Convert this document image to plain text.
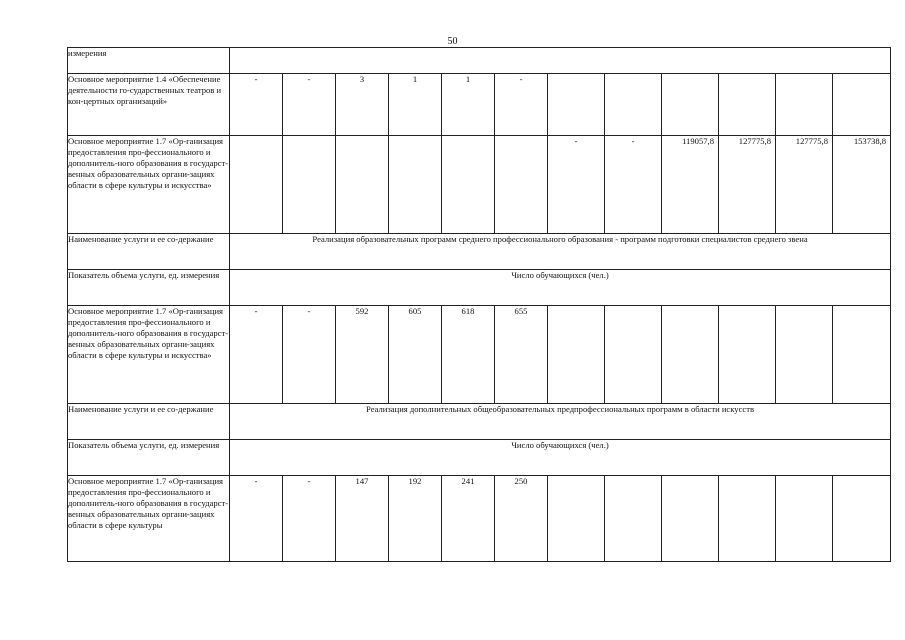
50
измерения												
Основное мероприятие 1.4 «Обеспечение деятельности го-сударственных театров и кон-цертных организаций»	-	-	3	1	1	-						
Основное мероприятие 1.7 «Ор-ганизация предоставления про-фессионального и дополнитель-ного образования в государст-венных образовательных органи-зациях области в сфере культуры и искусства»							-	-	119057,8	127775,8	127775,8	153738,8
Наименование услуги и ее со-держание	Реализация образовательных программ среднего профессионального образования - программ подготовки специалистов среднего звена											
Показатель объема услуги, ед. измерения	Число обучающихся (чел.)											
Основное мероприятие 1.7 «Ор-ганизация предоставления про-фессионального и дополнитель-ного образования в государст-венных образовательных органи-зациях области в сфере культуры и искусства»	-	-	592	605	618	655						
Наименование услуги и ее со-держание	Реализация дополнительных общеобразовательных предпрофессиональных программ в области искусств											
Показатель объема услуги, ед. измерения	Число обучающихся (чел.)											
Основное мероприятие 1.7 «Ор-ганизация предоставления про-фессионального и дополнитель-ного образования в государст-венных образовательных органи-зациях области в сфере культуры	-	-	147	192	241	250						
